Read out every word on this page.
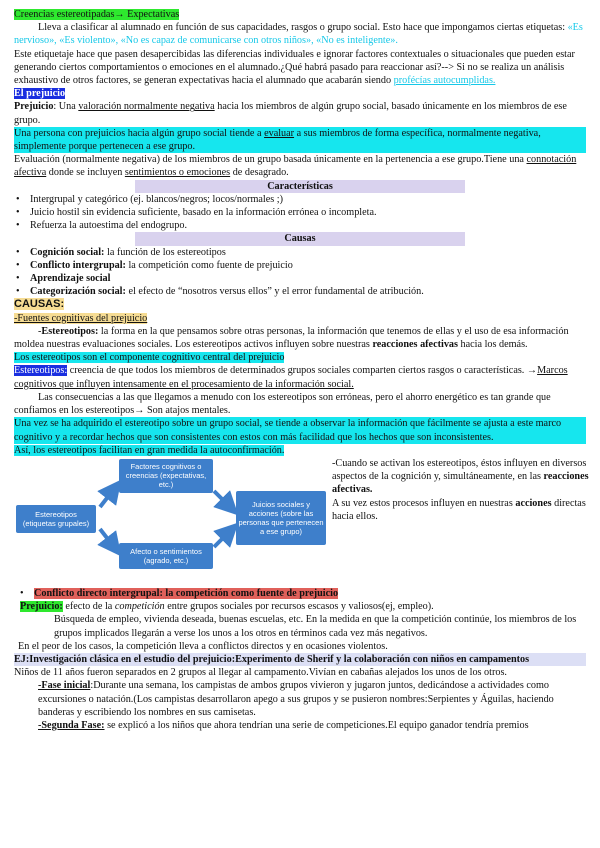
Creencias estereotipadas→ Expectativas

Lleva a clasificar al alumnado en función de sus capacidades, rasgos o grupo social. Esto hace que impongamos ciertas etiquetas: «Es nervioso», «Es violento», «No es capaz de comunicarse con otros niños», «No es inteligente».

Este etiquetaje hace que pasen desapercibidas las diferencias individuales e ignorar factores contextuales o situacionales que pueden estar generando ciertos comportamientos o emociones en el alumnado.¿Qué habrá pasado para reaccionar así?--> Si no se realiza un análisis exhaustivo de otros factores, se generan expectativas hacia el alumnado que acabarán siendo profécías autocumplidas.

El prejuicio

Prejuicio: Una valoración normalmente negativa hacia los miembros de algún grupo social, basado únicamente en los miembros de ese grupo.

Una persona con prejuicios hacia algún grupo social tiende a evaluar a sus miembros de forma específica, normalmente negativa, simplemente porque pertenecen a ese grupo.

Evaluación (normalmente negativa) de los miembros de un grupo basada únicamente en la pertenencia a ese grupo.Tiene una connotación afectiva donde se incluyen sentimientos o emociones de desagrado.

Características

• Intergrupal y categórico (ej. blancos/negros; locos/normales ;)
• Juicio hostil sin evidencia suficiente, basado en la información errónea o incompleta.
• Refuerza la autoestima del endogrupo.

Causas

• Cognición social: la función de los estereotipos
• Conflicto intergrupal: la competición como fuente de prejuicio
• Aprendizaje social
• Categorización social: el efecto de “nosotros versus ellos” y el error fundamental de atribución.

CAUSAS:

-Fuentes cognitivas del prejuicio

-Estereotipos: la forma en la que pensamos sobre otras personas, la información que tenemos de ellas y el uso de esa información moldea nuestras evaluaciones sociales. Los estereotipos activos influyen sobre nuestras reacciones afectivas hacia los demás.

Los estereotipos son el componente cognitivo central del prejuicio

Estereotipos: creencia de que todos los miembros de determinados grupos sociales comparten ciertos rasgos o características. →Marcos cognitivos que influyen intensamente en el procesamiento de la información social.

Las consecuencias a las que llegamos a menudo con los estereotipos son erróneas, pero el ahorro energético es tan grande que confiamos en los estereotipos→ Son atajos mentales.

Una vez se ha adquirido el estereotipo sobre un grupo social, se tiende a observar la información que fácilmente se ajusta a este marco cognitivo y a recordar hechos que son consistentes con estos con más facilidad que los hechos que son inconsistentes.

Así, los estereotipos facilitan en gran medida la autoconfirmación.

Estereotipos (etiquetas grupales)
Factores cognitivos o creencias (expectativas, etc.)
Afecto o sentimientos (agrado, etc.)
Juicios sociales y acciones (sobre las personas que pertenecen a ese grupo)

-Cuando se activan los estereotipos, éstos influyen en diversos aspectos de la cognición y, simultáneamente, en las reacciones afectivas.

A su vez estos procesos influyen en nuestras acciones directas hacia ellos.

• Conflicto directo intergrupal: la competición como fuente de prejuicio

Prejuicio: efecto de la competición entre grupos sociales por recursos escasos y valiosos(ej, empleo).

Búsqueda de empleo, vivienda deseada, buenas escuelas, etc. En la medida en que la competición continúe, los miembros de los grupos implicados llegarán a verse los unos a los otros en términos cada vez más negativos.

En el peor de los casos, la competición lleva a conflictos directos y en ocasiones violentos.

EJ:Investigación clásica en el estudio del prejuicio:Experimento de Sherif y la colaboración con niños en campamentos

Niños de 11 años fueron separados en 2 grupos al llegar al campamento.Vivían en cabañas alejados los unos de los otros.

-Fase inicial:Durante una semana, los campistas de ambos grupos vivieron y jugaron juntos, dedicándose a actividades como excursiones o natación.(Los campistas desarrollaron apego a sus grupos y se pusieron nombres:Serpientes y Águilas, haciendo banderas y escribiendo los nombres en sus camisetas.

-Segunda Fase: se explicó a los niños que ahora tendrían una serie de competiciones.El equipo ganador tendría premios
